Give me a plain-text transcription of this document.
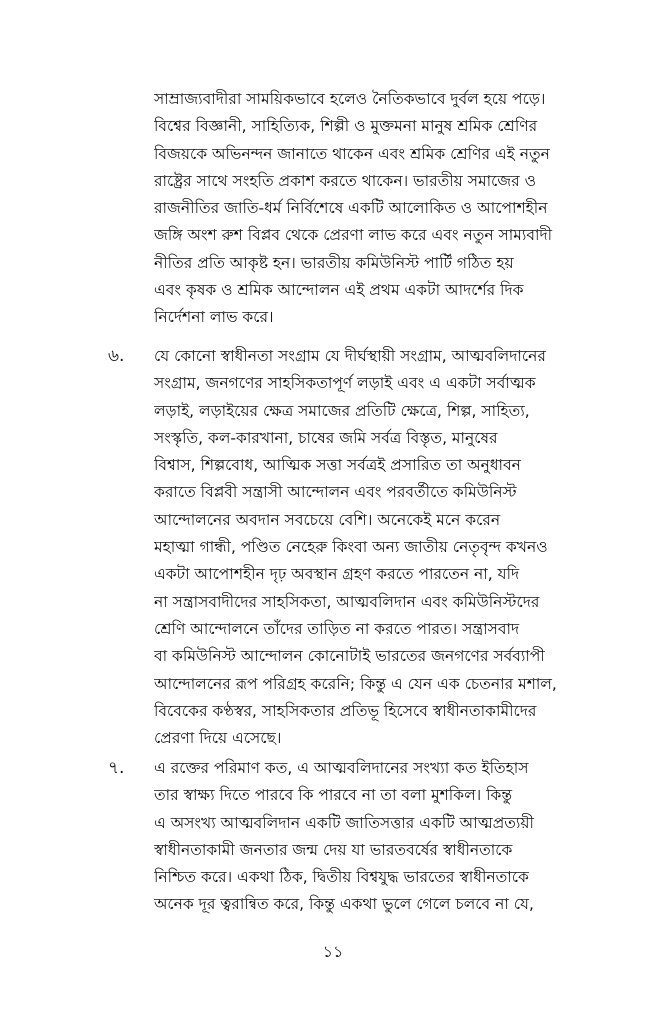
সাম্রাজ্যবাদীরা সাময়িকভাবে হলেও নৈতিকভাবে দুর্বল হয়ে পড়ে।
বিশ্বের বিজ্ঞানী, সাহিত্যিক, শিল্পী ও মুক্তমনা মানুষ শ্রমিক শ্রেণির
বিজয়কে অভিনন্দন জানাতে থাকেন এবং শ্রমিক শ্রেণির এই নতুন
রাষ্ট্রের সাথে সংহতি প্রকাশ করতে থাকেন। ভারতীয় সমাজের ও
রাজনীতির জাতি-ধর্ম নির্বিশেষে একটি আলোকিত ও আপোশহীন
জঙ্গি অংশ রুশ বিপ্লব থেকে প্রেরণা লাভ করে এবং নতুন সাম্যবাদী
নীতির প্রতি আকৃষ্ট হন। ভারতীয় কমিউনিস্ট পার্টি গঠিত হয়
এবং কৃষক ও শ্রমিক আন্দোলন এই প্রথম একটা আদর্শের দিক
নির্দেশনা লাভ করে।
৬. যে কোনো স্বাধীনতা সংগ্রাম যে দীর্ঘস্থায়ী সংগ্রাম, আত্মবলিদানের
সংগ্রাম, জনগণের সাহসিকতাপূর্ণ লড়াই এবং এ একটা সর্বাত্মক
লড়াই, লড়াইয়ের ক্ষেত্র সমাজের প্রতিটি ক্ষেত্রে, শিল্প, সাহিত্য,
সংস্কৃতি, কল-কারখানা, চাষের জমি সর্বত্র বিস্তৃত, মানুষের
বিশ্বাস, শিল্পবোধ, আত্মিক সত্তা সর্বত্রই প্রসারিত তা অনুধাবন
করাতে বিপ্লবী সন্ত্রাসী আন্দোলন এবং পরবর্তীতে কমিউনিস্ট
আন্দোলনের অবদান সবচেয়ে বেশি। অনেকেই মনে করেন
মহাত্মা গান্ধী, পণ্ডিত নেহেরু কিংবা অন্য জাতীয় নেতৃবৃন্দ কখনও
একটা আপোশহীন দৃঢ় অবস্থান গ্রহণ করতে পারতেন না, যদি
না সন্ত্রাসবাদীদের সাহসিকতা, আত্মবলিদান এবং কমিউনিস্টদের
শ্রেণি আন্দোলনে তাঁদের তাড়িত না করতে পারত। সন্ত্রাসবাদ
বা কমিউনিস্ট আন্দোলন কোনোটাই ভারতের জনগণের সর্বব্যাপী
আন্দোলনের রূপ পরিগ্রহ করেনি; কিন্তু এ যেন এক চেতনার মশাল,
বিবেকের কণ্ঠস্বর, সাহসিকতার প্রতিভূ হিসেবে স্বাধীনতাকামীদের
প্রেরণা দিয়ে এসেছে।
৭. এ রক্তের পরিমাণ কত, এ আত্মবলিদানের সংখ্যা কত ইতিহাস
তার স্বাক্ষ্য দিতে পারবে কি পারবে না তা বলা মুশকিল। কিন্তু
এ অসংখ্য আত্মবলিদান একটি জাতিসত্তার একটি আত্মপ্রত্যয়ী
স্বাধীনতাকামী জনতার জন্ম দেয় যা ভারতবর্ষের স্বাধীনতাকে
নিশ্চিত করে। একথা ঠিক, দ্বিতীয় বিশ্বযুদ্ধ ভারতের স্বাধীনতাকে
অনেক দূর ত্বরান্বিত করে, কিন্তু একথা ভুলে গেলে চলবে না যে,
১১
